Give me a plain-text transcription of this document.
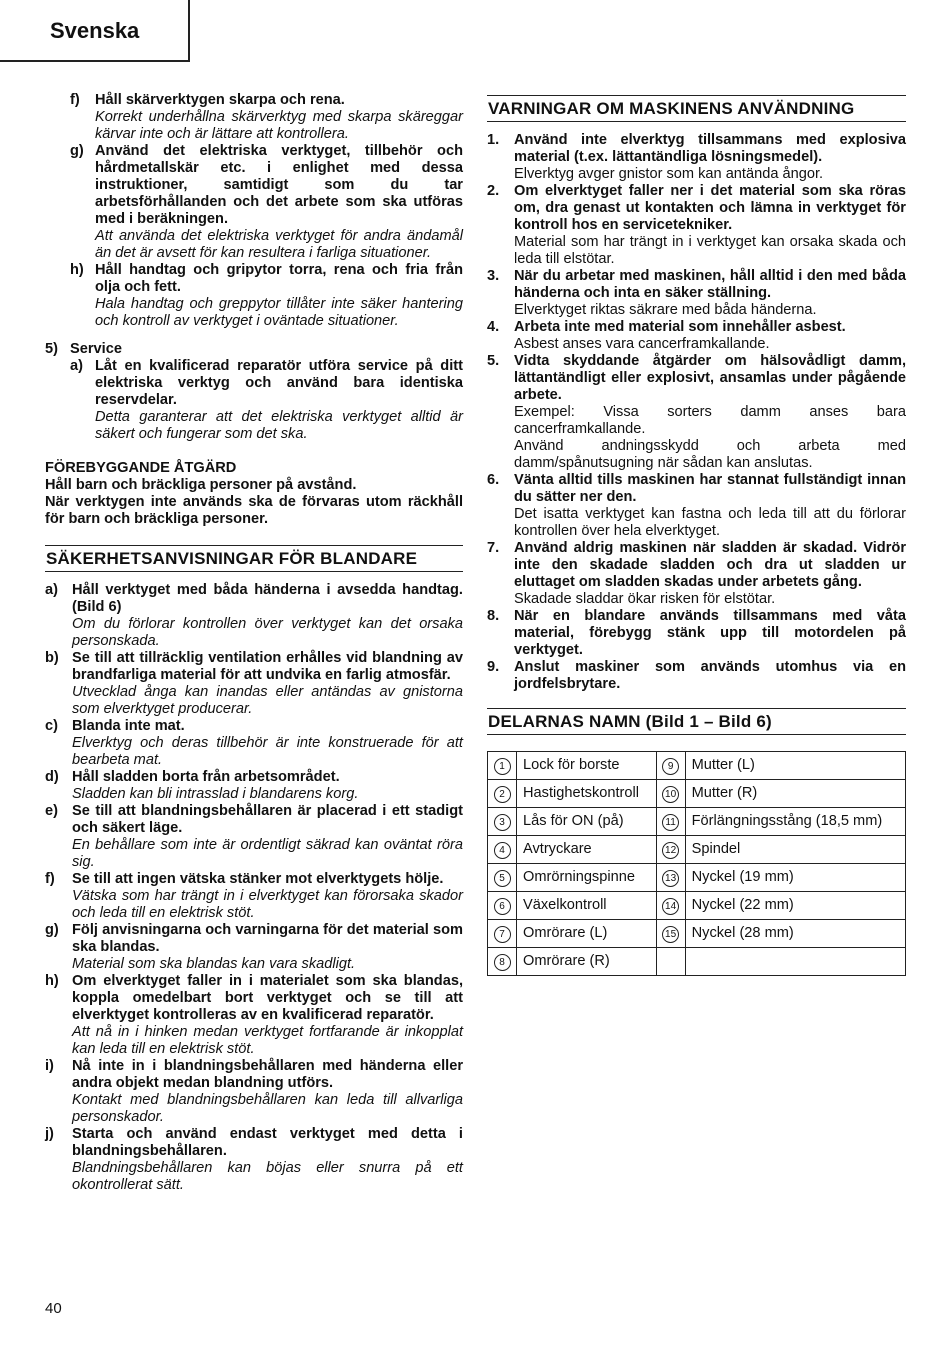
Svenska
f)	Håll skärverktygen skarpa och rena.

Korrekt underhållna skärverktyg med skarpa skäreggar kärvar inte och är lättare att kontrollera.

g) Använd det elektriska verktyget, tillbehör och hårdmetallskär etc. i enlighet med dessa instruktioner, samtidigt som du tar arbetsförhållanden och det arbete som ska utföras med i beräkningen.

Att använda det elektriska verktyget för andra ändamål än det är avsett för kan resultera i farliga situationer.

h) Håll handtag och gripytor torra, rena och fria från olja och fett.

Hala handtag och greppytor tillåter inte säker hantering och kontroll av verktyget i oväntade situationer.

5) Service
a) Låt en kvalificerad reparatör utföra service på ditt elektriska verktyg och använd bara identiska reservdelar.

Detta garanterar att det elektriska verktyget alltid är säkert och fungerar som det ska.

FÖREBYGGANDE ÅTGÄRD

Håll barn och bräckliga personer på avstånd.

När verktygen inte används ska de förvaras utom räckhåll för barn och bräckliga personer.

SÄKERHETSANVISNINGAR FÖR BLANDARE
a) Håll verktyget med båda händerna i avsedda handtag. (Bild 6)

Om du förlorar kontrollen över verktyget kan det orsaka personskada.

b) Se till att tillräcklig ventilation erhålles vid blandning av brandfarliga material för att undvika en farlig atmosfär.

Utvecklad ånga kan inandas eller antändas av gnistorna som elverktyget producerar.

c) Blanda inte mat.

Elverktyg och deras tillbehör är inte konstruerade för att bearbeta mat.

d) Håll sladden borta från arbetsområdet.

Sladden kan bli intrasslad i blandarens korg.

e) Se till att blandningsbehållaren är placerad i ett stadigt och säkert läge.

En behållare som inte är ordentligt säkrad kan oväntat röra sig.

f)	Se till att ingen vätska stänker mot elverktygets hölje.

Vätska som har trängt in i elverktyget kan förorsaka skador och leda till en elektrisk stöt.

g) Följ anvisningarna och varningarna för det material som ska blandas.

Material som ska blandas kan vara skadligt.

h) Om elverktyget faller in i materialet som ska blandas, koppla omedelbart bort verktyget och se till att elverktyget kontrolleras av en kvalificerad reparatör.

Att nå in i hinken medan verktyget fortfarande är inkopplat kan leda till en elektrisk stöt.

i)	Nå inte in i blandningsbehållaren med händerna eller andra objekt medan blandning utförs.

Kontakt med blandningsbehållaren kan leda till allvarliga personskador.

j)	Starta och använd endast verktyget med detta i blandningsbehållaren.

Blandningsbehållaren kan böjas eller snurra på ett okontrollerat sätt.

VARNINGAR OM MASKINENS ANVÄNDNING
1.	Använd inte elverktyg tillsammans med explosiva material (t.ex. lättantändliga lösningsmedel).

Elverktyg avger gnistor som kan antända ångor.

2.	Om elverktyget faller ner i det material som ska röras om, dra genast ut kontakten och lämna in verktyget för kontroll hos en servicetekniker.

Material som har trängt in i verktyget kan orsaka skada och leda till elstötar.

3.	När du arbetar med maskinen, håll alltid i den med båda händerna och inta en säker ställning.

Elverktyget riktas säkrare med båda händerna.

4.	Arbeta inte med material som innehåller asbest.

Asbest anses vara cancerframkallande.

5.	Vidta skyddande åtgärder om hälsovådligt damm, lättantändligt eller explosivt, ansamlas under pågående arbete.

Exempel: Vissa sorters damm anses bara cancerframkallande.

Använd andningsskydd och arbeta med damm/spånutsugning när sådan kan anslutas.

6.	Vänta alltid tills maskinen har stannat fullständigt innan du sätter ner den.

Det isatta verktyget kan fastna och leda till att du förlorar kontrollen över hela elverktyget.

7.	Använd aldrig maskinen när sladden är skadad. Vidrör inte den skadade sladden och dra ut sladden ur eluttaget om sladden skadas under arbetets gång.

Skadade sladdar ökar risken för elstötar.

8.	När en blandare används tillsammans med våta material, förebygg stänk upp till motordelen på verktyget.

9.	Anslut maskiner som används utomhus via en jordfelsbrytare.

DELARNAS NAMN (Bild 1 – Bild 6)
1	Lock för borste	9	Mutter (L)
2	Hastighetskontroll	10	Mutter (R)
3	Lås för ON (på)	11	Förlängningsstång (18,5 mm)
4	Avtryckare	12	Spindel
5	Omrörningspinne	13	Nyckel (19 mm)
6	Växelkontroll	14	Nyckel (22 mm)
7	Omrörare (L)	15	Nyckel (28 mm)
8	Omrörare (R)		
40
